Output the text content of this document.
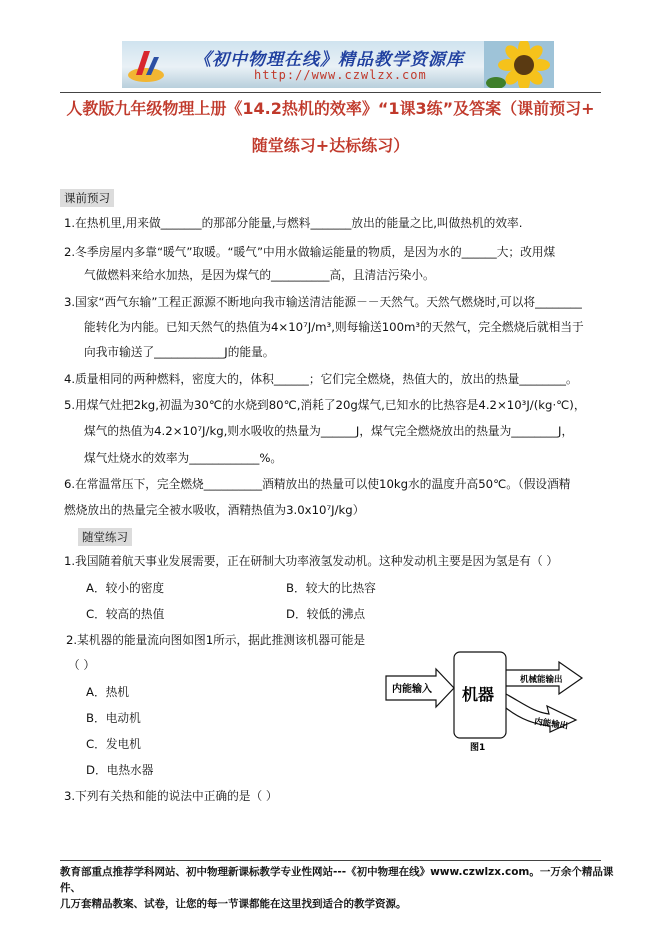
《初中物理在线》精品教学资源库
http://www.czwlzx.com
人教版九年级物理上册《14.2热机的效率》“1课3练”及答案（课前预习+
随堂练习+达标练习）
课前预习
1.在热机里,用来做_______的那部分能量,与燃料_______放出的能量之比,叫做热机的效率.
2.冬季房屋内多靠“暖气”取暖。“暖气”中用水做输运能量的物质，是因为水的______大；改用煤
气做燃料来给水加热，是因为煤气的__________高，且清洁污染小。
3.国家“西气东输”工程正源源不断地向我市输送清洁能源－－天然气。天然气燃烧时,可以将________
能转化为内能。已知天然气的热值为4×10⁷J/m³,则每输送100m³的天然气，完全燃烧后就相当于
向我市输送了____________J的能量。
4.质量相同的两种燃料，密度大的，体积______；它们完全燃烧，热值大的，放出的热量________。
5.用煤气灶把2kg,初温为30℃的水烧到80℃,消耗了20g煤气,已知水的比热容是4.2×10³J/(kg·℃)，
煤气的热值为4.2×10⁷J/kg,则水吸收的热量为______J，煤气完全燃烧放出的热量为________J，
煤气灶烧水的效率为____________%。
6.在常温常压下，完全燃烧__________酒精放出的热量可以使10kg水的温度升高50℃。（假设酒精
燃烧放出的热量完全被水吸收，酒精热值为3.0x10⁷J/kg）
随堂练习
1.我国随着航天事业发展需要，正在研制大功率液氢发动机。这种发动机主要是因为氢是有（ ）
A．较小的密度	B．较大的比热容
C．较高的热值	D．较低的沸点
2.某机器的能量流向图如图1所示，据此推测该机器可能是
（ ）
A．热机
B．电动机
C．发电机
D．电热水器
3.下列有关热和能的说法中正确的是（ ）
内能输入 机器
机械能输出
内能输出
图1
教育部重点推荐学科网站、初中物理新课标教学专业性网站---《初中物理在线》www.czwlzx.com。一万余个精品课件、
几万套精品教案、试卷，让您的每一节课都能在这里找到适合的教学资源。
